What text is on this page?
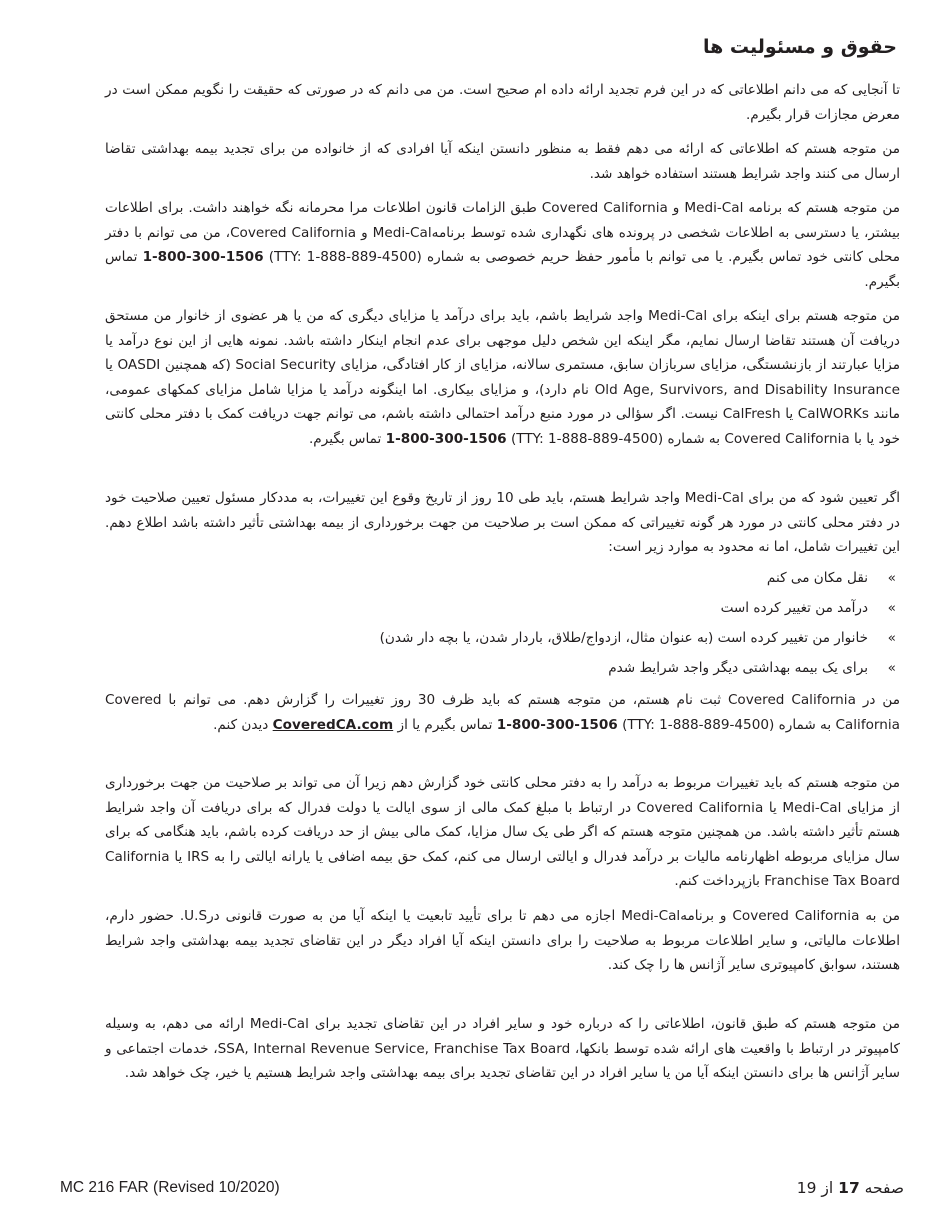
حقوق و مسئولیت ها

تا آنجایی که می دانم اطلاعاتی که در این فرم تجدید ارائه داده ام صحیح است. من می دانم که در صورتی که حقیقت را نگویم ممکن است در معرض مجازات قرار بگیرم.

من متوجه هستم که اطلاعاتی که ارائه می دهم فقط به منظور دانستن اینکه آیا افرادی که از خانواده من برای تجدید بیمه بهداشتی تقاضا ارسال می کنند واجد شرایط هستند استفاده خواهد شد.

من متوجه هستم که برنامه Medi-Cal و Covered California طبق الزامات قانون اطلاعات مرا محرمانه نگه خواهند داشت. برای اطلاعات بیشتر، یا دسترسی به اطلاعات شخصی در پرونده های نگهداری شده توسط برنامهMedi-Cal و Covered California، من می توانم با دفتر محلی کانتی خود تماس بگیرم. یا می توانم با مأمور حفظ حریم خصوصی به شماره 1-800-300-1506 (TTY: 1-888-889-4500) تماس بگیرم.

من متوجه هستم برای اینکه برای Medi-Cal واجد شرایط باشم، باید برای درآمد یا مزایای دیگری که من یا هر عضوی از خانوار من مستحق دریافت آن هستند تقاضا ارسال نمایم، مگر اینکه این شخص دلیل موجهی برای عدم انجام اینکار داشته باشد. نمونه هایی از این نوع درآمد یا مزایا عبارتند از بازنشستگی، مزایای سربازان سابق، مستمری سالانه، مزایای از کار افتادگی، مزایای Social Security (که همچنین OASDI یا Old Age, Survivors, and Disability Insurance نام دارد)، و مزایای بیکاری. اما اینگونه درآمد یا مزایا شامل مزایای کمکهای عمومی، مانند CalWORKs یا CalFresh نیست. اگر سؤالی در مورد منبع درآمد احتمالی داشته باشم، می توانم جهت دریافت کمک با دفتر محلی کانتی خود یا با Covered California به شماره 1-800-300-1506 (TTY: 1-888-889-4500) تماس بگیرم.

اگر تعیین شود که من برای Medi-Cal واجد شرایط هستم، باید طی 10 روز از تاریخ وقوع این تغییرات، به مددکار مسئول تعیین صلاحیت خود در دفتر محلی کانتی در مورد هر گونه تغییراتی که ممکن است بر صلاحیت من جهت برخورداری از بیمه بهداشتی تأثیر داشته باشد اطلاع دهم. این تغییرات شامل، اما نه محدود به موارد زیر است:

»
نقل مکان می کنم
»
درآمد من تغییر کرده است
»
خانوار من تغییر کرده است (به عنوان مثال، ازدواج/طلاق، باردار شدن، یا بچه دار شدن)
»
برای یک بیمه بهداشتی دیگر واجد شرایط شدم

من در Covered California ثبت نام هستم، من متوجه هستم که باید ظرف 30 روز تغییرات را گزارش دهم. می توانم با Covered California به شماره 1-800-300-1506 (TTY: 1-888-889-4500) تماس بگیرم یا از CoveredCA.com دیدن کنم.

من متوجه هستم که باید تغییرات مربوط به درآمد را به دفتر محلی کانتی خود گزارش دهم زیرا آن می تواند بر صلاحیت من جهت برخورداری از مزایای Medi-Cal یا Covered California در ارتباط با مبلغ کمک مالی از سوی ایالت یا دولت فدرال که برای دریافت آن واجد شرایط هستم تأثیر داشته باشد. من همچنین متوجه هستم که اگر طی یک سال مزایا، کمک مالی بیش از حد دریافت کرده باشم، باید هنگامی که برای سال مزایای مربوطه اظهارنامه مالیات بر درآمد فدرال و ایالتی ارسال می کنم، کمک حق بیمه اضافی یا یارانه ایالتی را به IRS یا California Franchise Tax Board بازپرداخت کنم.

من به Covered California و برنامهMedi-Cal اجازه می دهم تا برای تأیید تابعیت یا اینکه آیا من به صورت قانونی درU.S. حضور دارم، اطلاعات مالیاتی، و سایر اطلاعات مربوط به صلاحیت را برای دانستن اینکه آیا افراد دیگر در این تقاضای تجدید بیمه بهداشتی واجد شرایط هستند، سوابق کامپیوتری سایر آژانس ها را چک کند.

من متوجه هستم که طبق قانون، اطلاعاتی را که درباره خود و سایر افراد در این تقاضای تجدید برای Medi-Cal ارائه می دهم، به وسیله کامپیوتر در ارتباط با واقعیت های ارائه شده توسط بانکها، SSA, Internal Revenue Service, Franchise Tax Board، خدمات اجتماعی و سایر آژانس ها برای دانستن اینکه آیا من یا سایر افراد در این تقاضای تجدید برای بیمه بهداشتی واجد شرایط هستیم یا خیر، چک خواهد شد.

MC 216 FAR (Revised 10/2020)	صفحه 17 از 19
